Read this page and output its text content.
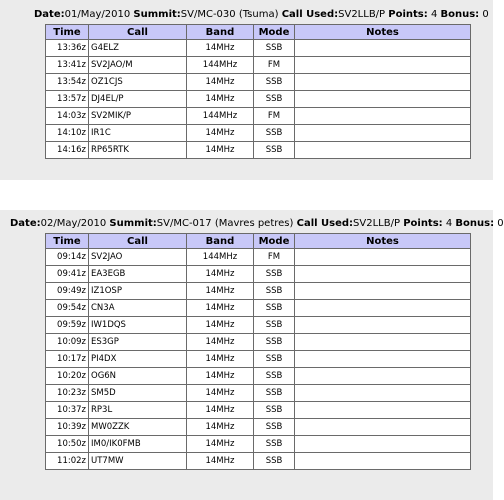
Date:01/May/2010 Summit:SV/MC-030 (Tsuma) Call Used:SV2LLB/P Points: 4 Bonus: 0
Time	Call	Band	Mode	Notes
13:36z	G4ELZ	14MHz	SSB	
13:41z	SV2JAO/M	144MHz	FM	
13:54z	OZ1CJS	14MHz	SSB	
13:57z	DJ4EL/P	14MHz	SSB	
14:03z	SV2MIK/P	144MHz	FM	
14:10z	IR1C	14MHz	SSB	
14:16z	RP65RTK	14MHz	SSB	
Date:02/May/2010 Summit:SV/MC-017 (Mavres petres) Call Used:SV2LLB/P Points: 4 Bonus: 0
Time	Call	Band	Mode	Notes
09:14z	SV2JAO	144MHz	FM	
09:41z	EA3EGB	14MHz	SSB	
09:49z	IZ1OSP	14MHz	SSB	
09:54z	CN3A	14MHz	SSB	
09:59z	IW1DQS	14MHz	SSB	
10:09z	ES3GP	14MHz	SSB	
10:17z	PI4DX	14MHz	SSB	
10:20z	OG6N	14MHz	SSB	
10:23z	SM5D	14MHz	SSB	
10:37z	RP3L	14MHz	SSB	
10:39z	MW0ZZK	14MHz	SSB	
10:50z	IM0/IK0FMB	14MHz	SSB	
11:02z	UT7MW	14MHz	SSB	
